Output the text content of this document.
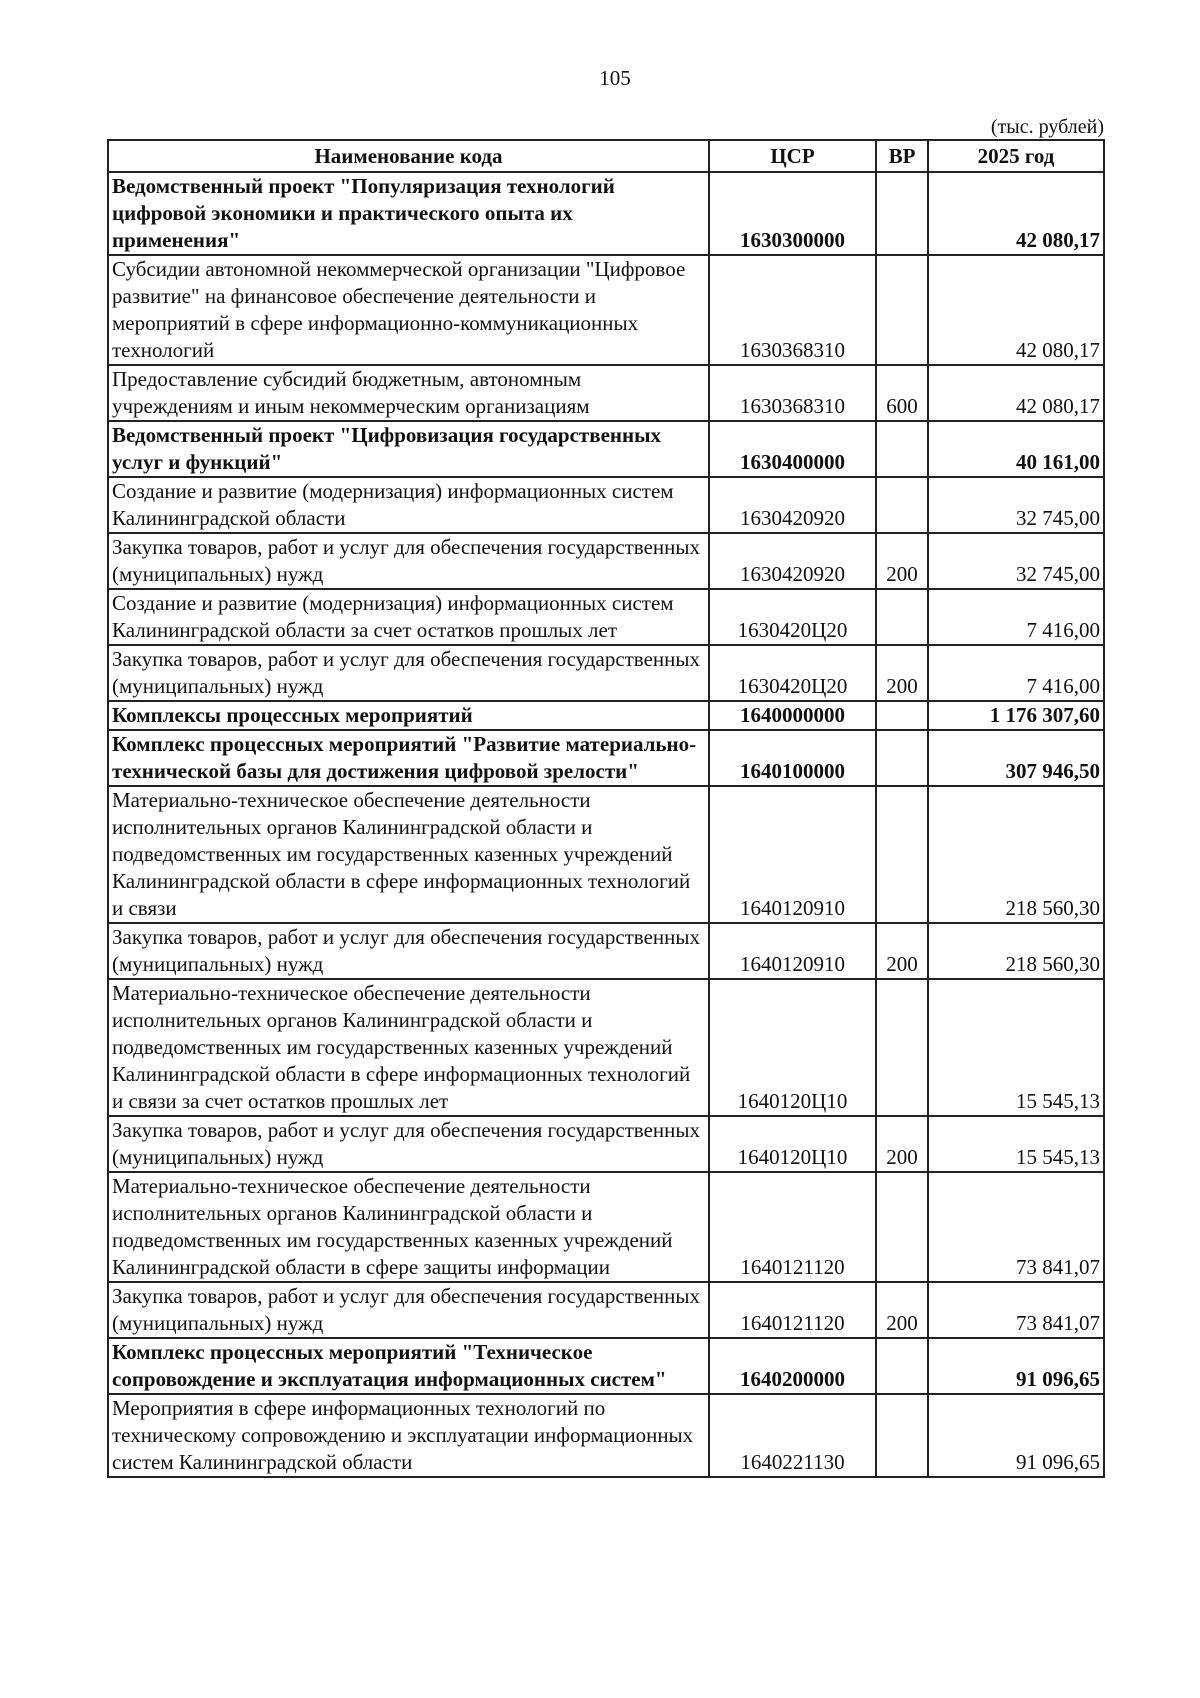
105
(тыс. рублей)
Наименование кода	ЦСР	ВР	2025 год
Ведомственный проект "Популяризация технологий цифровой экономики и практического опыта их применения"	1630300000		42 080,17
Субсидии автономной некоммерческой организации "Цифровое развитие" на финансовое обеспечение деятельности и мероприятий в сфере информационно-коммуникационных технологий	1630368310		42 080,17
Предоставление субсидий бюджетным, автономным учреждениям и иным некоммерческим организациям	1630368310	600	42 080,17
Ведомственный проект "Цифровизация государственных услуг и функций"	1630400000		40 161,00
Создание и развитие (модернизация) информационных систем Калининградской области	1630420920		32 745,00
Закупка товаров, работ и услуг для обеспечения государственных (муниципальных) нужд	1630420920	200	32 745,00
Создание и развитие (модернизация) информационных систем Калининградской области за счет остатков прошлых лет	1630420Ц20		7 416,00
Закупка товаров, работ и услуг для обеспечения государственных (муниципальных) нужд	1630420Ц20	200	7 416,00
Комплексы процессных мероприятий	1640000000		1 176 307,60
Комплекс процессных мероприятий "Развитие материально-технической базы для достижения цифровой зрелости"	1640100000		307 946,50
Материально-техническое обеспечение деятельности исполнительных органов Калининградской области и подведомственных им государственных казенных учреждений Калининградской области в сфере информационных технологий и связи	1640120910		218 560,30
Закупка товаров, работ и услуг для обеспечения государственных (муниципальных) нужд	1640120910	200	218 560,30
Материально-техническое обеспечение деятельности исполнительных органов Калининградской области и подведомственных им государственных казенных учреждений Калининградской области в сфере информационных технологий и связи за счет остатков прошлых лет	1640120Ц10		15 545,13
Закупка товаров, работ и услуг для обеспечения государственных (муниципальных) нужд	1640120Ц10	200	15 545,13
Материально-техническое обеспечение деятельности исполнительных органов Калининградской области и подведомственных им государственных казенных учреждений Калининградской области в сфере защиты информации	1640121120		73 841,07
Закупка товаров, работ и услуг для обеспечения государственных (муниципальных) нужд	1640121120	200	73 841,07
Комплекс процессных мероприятий "Техническое сопровождение и эксплуатация информационных систем"	1640200000		91 096,65
Мероприятия в сфере информационных технологий по техническому сопровождению и эксплуатации информационных систем Калининградской области	1640221130		91 096,65
